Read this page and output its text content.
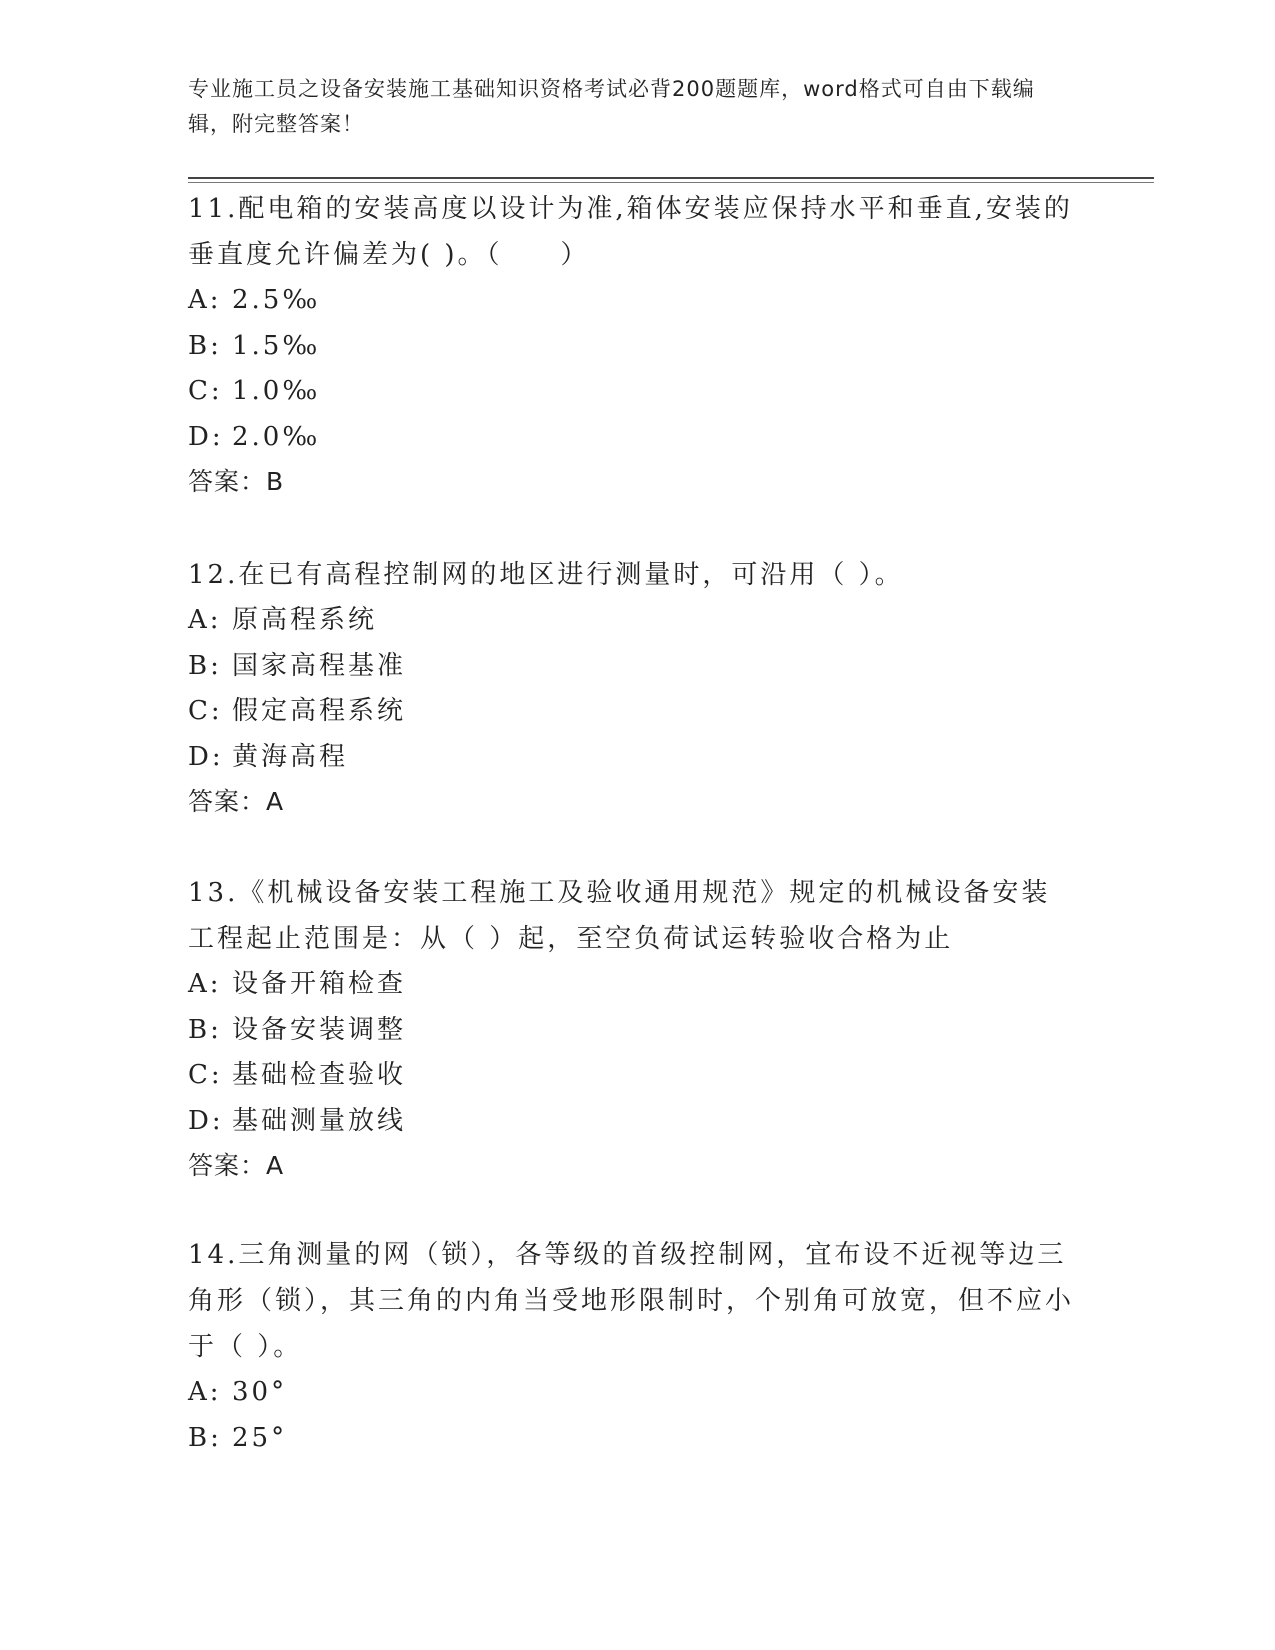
专业施工员之设备安装施工基础知识资格考试必背200题题库，word格式可自由下载编辑，附完整答案！

11.配电箱的安装高度以设计为准,箱体安装应保持水平和垂直,安装的垂直度允许偏差为( )。（　　）

A: 2.5‰

B: 1.5‰

C: 1.0‰

D: 2.0‰

答案：B

12.在已有高程控制网的地区进行测量时，可沿用（ ）。

A: 原高程系统

B: 国家高程基准

C: 假定高程系统

D: 黄海高程

答案：A

13.《机械设备安装工程施工及验收通用规范》规定的机械设备安装工程起止范围是：从（ ）起，至空负荷试运转验收合格为止

A: 设备开箱检查

B: 设备安装调整

C: 基础检查验收

D: 基础测量放线

答案：A

14.三角测量的网（锁），各等级的首级控制网，宜布设不近视等边三角形（锁），其三角的内角当受地形限制时，个别角可放宽，但不应小于（ ）。

A: 30°

B: 25°
